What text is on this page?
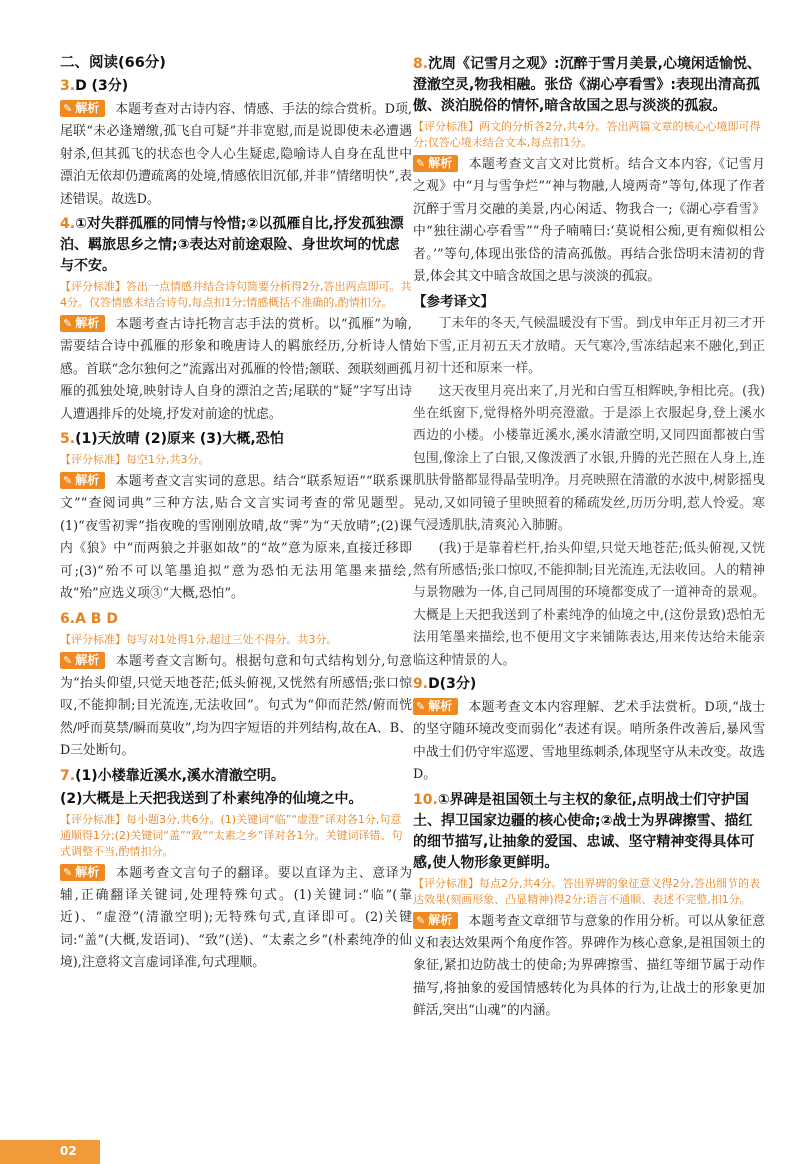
二、阅读(66分)
3.D (3分)
✎ 解析 本题考查对古诗内容、情感、手法的综合赏析。D项,尾联“未必逢矰缴,孤飞自可疑”并非宽慰,而是说即使未必遭遇射杀,但其孤飞的状态也令人心生疑虑,隐喻诗人自身在乱世中漂泊无依却仍遭疏离的处境,情感依旧沉郁,并非“情绪明快”,表述错误。故选D。
4.①对失群孤雁的同情与怜惜;②以孤雁自比,抒发孤独漂泊、羁旅思乡之情;③表达对前途艰险、身世坎坷的忧虑与不安。
【评分标准】答出一点情感并结合诗句简要分析得2分,答出两点即可。共4分。仅答情感未结合诗句,每点扣1分;情感概括不准确的,酌情扣分。
✎ 解析 本题考查古诗托物言志手法的赏析。以“孤雁”为喻,需要结合诗中孤雁的形象和晚唐诗人的羁旅经历,分析诗人情感。首联“念尔独何之”流露出对孤雁的怜惜;颔联、颈联刻画孤雁的孤独处境,映射诗人自身的漂泊之苦;尾联的“疑”字写出诗人遭遇排斥的处境,抒发对前途的忧虑。
5.(1)天放晴 (2)原来 (3)大概,恐怕
【评分标准】每空1分,共3分。
✎ 解析 本题考查文言实词的意思。结合“联系短语”“联系课文”“查阅词典”三种方法,贴合文言实词考查的常见题型。(1)“夜雪初霁”指夜晚的雪刚刚放晴,故“霁”为“天放晴”;(2)课内《狼》中“而两狼之并驱如故”的“故”意为原来,直接迁移即可;(3)“殆不可以笔墨追拟”意为恐怕无法用笔墨来描绘,故“殆”应选义项③“大概,恐怕”。
6.A B D
【评分标准】每写对1处得1分,超过三处不得分。共3分。
✎ 解析 本题考查文言断句。根据句意和句式结构划分,句意为“抬头仰望,只觉天地苍茫;低头俯视,又恍然有所感悟;张口惊叹,不能抑制;目光流连,无法收回”。句式为“仰而茫然/俯而恍然/呼而莫禁/瞬而莫收”,均为四字短语的并列结构,故在A、B、D三处断句。
7.(1)小楼靠近溪水,溪水清澈空明。
(2)大概是上天把我送到了朴素纯净的仙境之中。
【评分标准】每小题3分,共6分。(1)关键词“临”“虚澄”译对各1分,句意通顺得1分;(2)关键词“盖”“致”“太素之乡”译对各1分。关键词译错、句式调整不当,酌情扣分。
✎ 解析 本题考查文言句子的翻译。要以直译为主、意译为辅,正确翻译关键词,处理特殊句式。(1)关键词:“临”(靠近)、“虚澄”(清澈空明);无特殊句式,直译即可。(2)关键词:“盖”(大概,发语词)、“致”(送)、“太素之乡”(朴素纯净的仙境),注意将文言虚词译准,句式理顺。
8.沈周《记雪月之观》:沉醉于雪月美景,心境闲适愉悦、澄澈空灵,物我相融。张岱《湖心亭看雪》:表现出清高孤傲、淡泊脱俗的情怀,暗含故国之思与淡淡的孤寂。
【评分标准】两文的分析各2分,共4分。答出两篇文章的核心心境即可得分;仅答心境未结合文本,每点扣1分。
✎ 解析 本题考查文言文对比赏析。结合文本内容,《记雪月之观》中“月与雪争烂”“神与物融,人境两奇”等句,体现了作者沉醉于雪月交融的美景,内心闲适、物我合一;《湖心亭看雪》中“独往湖心亭看雪”“舟子喃喃曰:‘莫说相公痴,更有痴似相公者。’”等句,体现出张岱的清高孤傲。再结合张岱明末清初的背景,体会其文中暗含故国之思与淡淡的孤寂。
【参考译文】

丁未年的冬天,气候温暖没有下雪。到戊申年正月初三才开始下雪,正月初五天才放晴。天气寒冷,雪冻结起来不融化,到正月初十还和原来一样。

这天夜里月亮出来了,月光和白雪互相辉映,争相比亮。(我)坐在纸窗下,觉得格外明亮澄澈。于是添上衣服起身,登上溪水西边的小楼。小楼靠近溪水,溪水清澈空明,又同四面都被白雪包围,像涂上了白银,又像泼洒了水银,升腾的光芒照在人身上,连肌肤骨骼都显得晶莹明净。月亮映照在清澈的水波中,树影摇曳晃动,又如同镜子里映照着的稀疏发丝,历历分明,惹人怜爱。寒气浸透肌肤,清爽沁入肺腑。

(我)于是靠着栏杆,抬头仰望,只觉天地苍茫;低头俯视,又恍然有所感悟;张口惊叹,不能抑制;目光流连,无法收回。人的精神与景物融为一体,自己同周围的环境都变成了一道神奇的景观。大概是上天把我送到了朴素纯净的仙境之中,(这份景致)恐怕无法用笔墨来描绘,也不便用文字来铺陈表达,用来传达给未能亲临这种情景的人。

9.D(3分)
✎ 解析 本题考查文本内容理解、艺术手法赏析。D项,“战士的坚守随环境改变而弱化”表述有误。哨所条件改善后,暴风雪中战士们仍守牢巡逻、雪地里练刺杀,体现坚守从未改变。故选D。
10.①界碑是祖国领土与主权的象征,点明战士们守护国土、捍卫国家边疆的核心使命;②战士为界碑擦雪、描红的细节描写,让抽象的爱国、忠诚、坚守精神变得具体可感,使人物形象更鲜明。
【评分标准】每点2分,共4分。答出界碑的象征意义得2分,答出细节的表达效果(刻画形象、凸显精神)得2分;语言不通顺、表述不完整,扣1分。
✎ 解析 本题考查文章细节与意象的作用分析。可以从象征意义和表达效果两个角度作答。界碑作为核心意象,是祖国领土的象征,紧扣边防战士的使命;为界碑擦雪、描红等细节属于动作描写,将抽象的爱国情感转化为具体的行为,让战士的形象更加鲜活,突出“山魂”的内涵。
02
